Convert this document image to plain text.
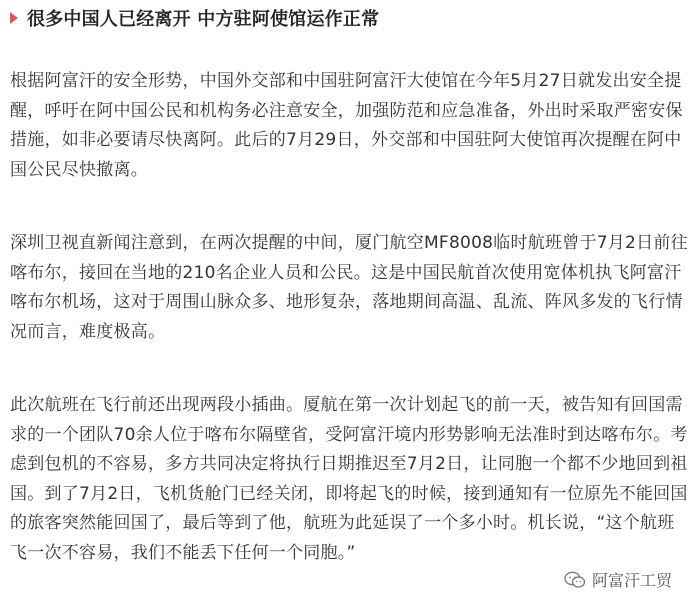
很多中国人已经离开 中方驻阿使馆运作正常

根据阿富汗的安全形势，中国外交部和中国驻阿富汗大使馆在今年5月27日就发出安全提醒，呼吁在阿中国公民和机构务必注意安全，加强防范和应急准备，外出时采取严密安保措施，如非必要请尽快离阿。此后的7月29日，外交部和中国驻阿大使馆再次提醒在阿中国公民尽快撤离。

深圳卫视直新闻注意到，在两次提醒的中间，厦门航空MF8008临时航班曾于7月2日前往喀布尔，接回在当地的210名企业人员和公民。这是中国民航首次使用宽体机执飞阿富汗喀布尔机场，这对于周围山脉众多、地形复杂，落地期间高温、乱流、阵风多发的飞行情况而言，难度极高。

此次航班在飞行前还出现两段小插曲。厦航在第一次计划起飞的前一天，被告知有回国需求的一个团队70余人位于喀布尔隔壁省，受阿富汗境内形势影响无法准时到达喀布尔。考虑到包机的不容易，多方共同决定将执行日期推迟至7月2日，让同胞一个都不少地回到祖国。到了7月2日，飞机货舱门已经关闭，即将起飞的时候，接到通知有一位原先不能回国的旅客突然能回国了，最后等到了他，航班为此延误了一个多小时。机长说，“这个航班飞一次不容易，我们不能丢下任何一个同胞。”

阿富汗工贸
